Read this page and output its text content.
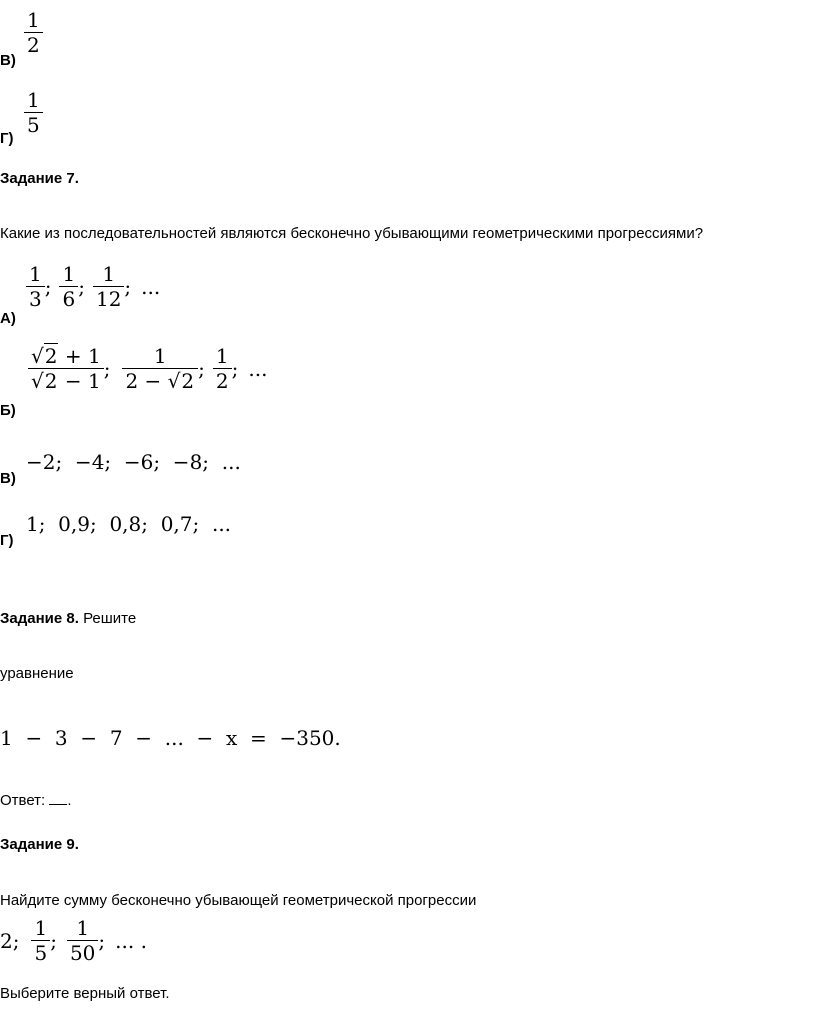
В)
$\frac{1}{2}$
Г)
$\frac{1}{5}$
Задание 7.
Какие из последовательностей являются бесконечно убывающими геометрическими прогрессиями?
А)
$\frac{1}{3}$ ; $\frac{1}{6}$ ; $\frac{1}{12}$ ; ...
Б)
$\frac{√2 + 1}{√2 - 1}$ ; $\frac{1}{2 - √2}$ ; $\frac{1}{2}$ ; ...
В)
−2;  −4;  −6;  −8;  ...
Г)
1;  0,9;  0,8;  0,7;  ...
Задание 8. Решите
уравнение
1  −  3  −  7  −  ...  −  x  =  −350.
Ответ: .
Задание 9.
Найдите сумму бесконечно убывающей геометрической прогрессии
2; $\frac{1}{5}$ ; $\frac{1}{50}$ ; ... .
Выберите верный ответ.
